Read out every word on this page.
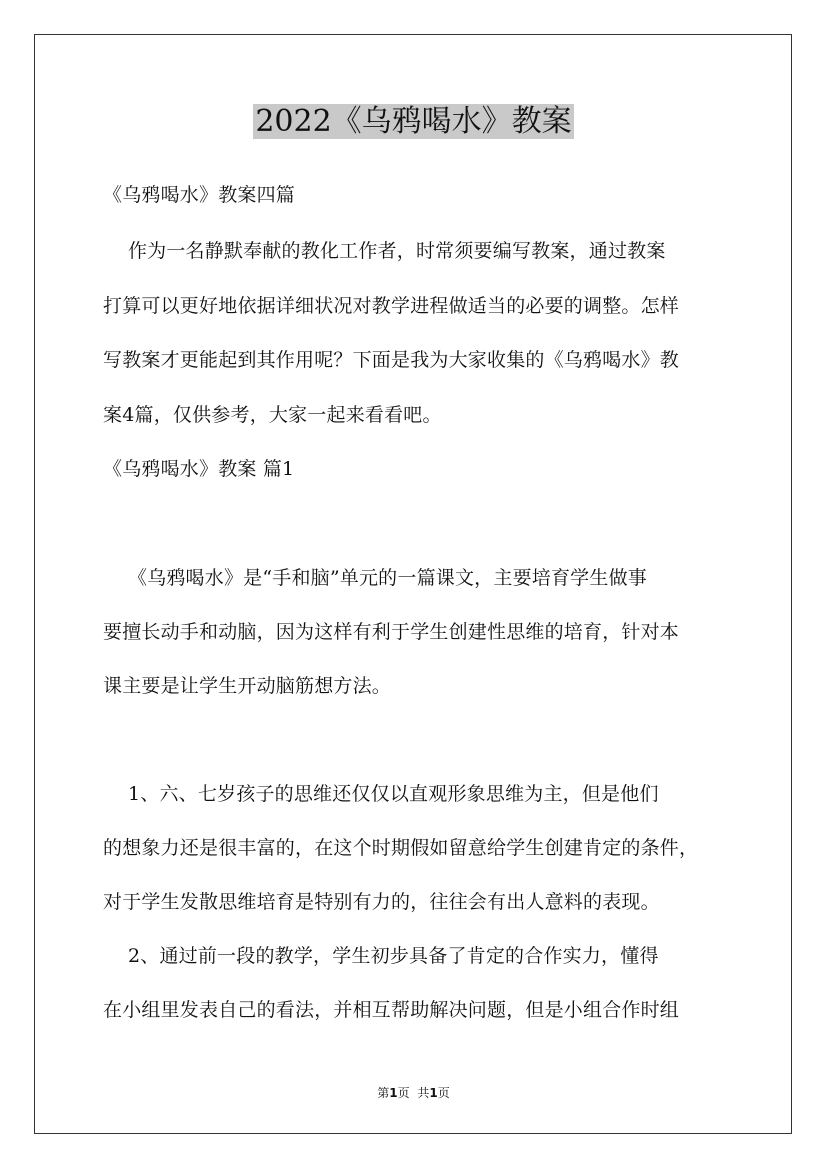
2022《乌鸦喝水》教案
《乌鸦喝水》教案四篇
作为一名静默奉献的教化工作者，时常须要编写教案，通过教案
打算可以更好地依据详细状况对教学进程做适当的必要的调整。怎样
写教案才更能起到其作用呢？下面是我为大家收集的《乌鸦喝水》教
案4篇，仅供参考，大家一起来看看吧。
《乌鸦喝水》教案 篇1
《乌鸦喝水》是“手和脑”单元的一篇课文，主要培育学生做事
要擅长动手和动脑，因为这样有利于学生创建性思维的培育，针对本
课主要是让学生开动脑筋想方法。
1、六、七岁孩子的思维还仅仅以直观形象思维为主，但是他们
的想象力还是很丰富的，在这个时期假如留意给学生创建肯定的条件，
对于学生发散思维培育是特别有力的，往往会有出人意料的表现。
2、通过前一段的教学，学生初步具备了肯定的合作实力，懂得
在小组里发表自己的看法，并相互帮助解决问题，但是小组合作时组
第1页 共1页
